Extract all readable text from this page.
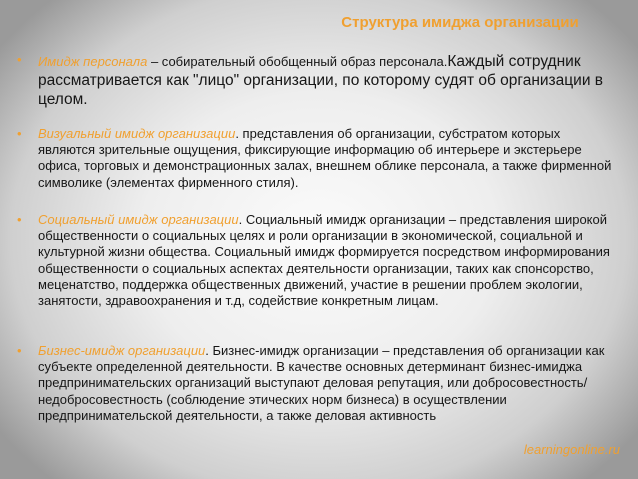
Структура имиджа организации
• Имидж персонала – собирательный обобщенный образ персонала.Каждый сотрудник рассматривается как "лицо" организации, по которому судят об организации в целом.
• Визуальный имидж организации. представления об организации, субстратом которых являются зрительные ощущения, фиксирующие информацию об интерьере и экстерьере офиса, торговых и демонстрационных залах, внешнем облике персонала, а также фирменной символике (элементах фирменного стиля).
• Социальный имидж организации. Социальный имидж организации – представления широкой общественности о социальных целях и роли организации в экономической, социальной и культурной жизни общества. Социальный имидж формируется посредством информирования общественности о социальных аспектах деятельности организации, таких как спонсорство, меценатство, поддержка общественных движений, участие в решении проблем экологии, занятости, здравоохранения и т.д, содействие конкретным лицам.
• Бизнес-имидж организации. Бизнес-имидж организации – представления об организации как субъекте определенной деятельности. В качестве основных детерминант бизнес-имиджа предпринимательских организаций выступают деловая репутация, или добросовестность/недобросовестность (соблюдение этических норм бизнеса) в осуществлении предпринимательской деятельности, а также деловая активность
learningonline.ru
